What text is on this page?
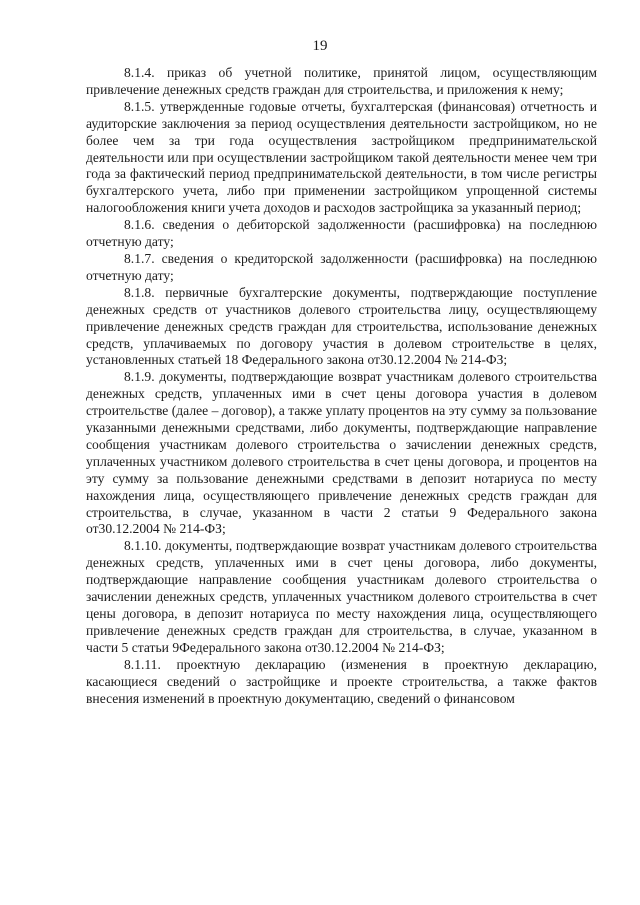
19

8.1.4. приказ об учетной политике, принятой лицом, осуществляющим привлечение денежных средств граждан для строительства, и приложения к нему;

8.1.5. утвержденные годовые отчеты, бухгалтерская (финансовая) отчетность и аудиторские заключения за период осуществления деятельности застройщиком, но не более чем за три года осуществления застройщиком предпринимательской деятельности или при осуществлении застройщиком такой деятельности менее чем три года за фактический период предпринимательской деятельности, в том числе регистры бухгалтерского учета, либо при применении застройщиком упрощенной системы налогообложения книги учета доходов и расходов застройщика за указанный период;

8.1.6. сведения о дебиторской задолженности (расшифровка) на последнюю отчетную дату;

8.1.7. сведения о кредиторской задолженности (расшифровка) на последнюю отчетную дату;

8.1.8. первичные бухгалтерские документы, подтверждающие поступление денежных средств от участников долевого строительства лицу, осуществляющему привлечение денежных средств граждан для строительства, использование денежных средств, уплачиваемых по договору участия в долевом строительстве в целях, установленных статьей 18 Федерального закона от30.12.2004 № 214-ФЗ;

8.1.9. документы, подтверждающие возврат участникам долевого строительства денежных средств, уплаченных ими в счет цены договора участия в долевом строительстве (далее – договор), а также уплату процентов на эту сумму за пользование указанными денежными средствами, либо документы, подтверждающие направление сообщения участникам долевого строительства о зачислении денежных средств, уплаченных участником долевого строительства в счет цены договора, и процентов на эту сумму за пользование денежными средствами в депозит нотариуса по месту нахождения лица, осуществляющего привлечение денежных средств граждан для строительства, в случае, указанном в части 2 статьи 9 Федерального закона от30.12.2004 № 214-ФЗ;

8.1.10. документы, подтверждающие возврат участникам долевого строительства денежных средств, уплаченных ими в счет цены договора, либо документы, подтверждающие направление сообщения участникам долевого строительства о зачислении денежных средств, уплаченных участником долевого строительства в счет цены договора, в депозит нотариуса по месту нахождения лица, осуществляющего привлечение денежных средств граждан для строительства, в случае, указанном в части 5 статьи 9Федерального закона от30.12.2004 № 214-ФЗ;

8.1.11. проектную декларацию (изменения в проектную декларацию, касающиеся сведений о застройщике и проекте строительства, а также фактов внесения изменений в проектную документацию, сведений о финансовом
